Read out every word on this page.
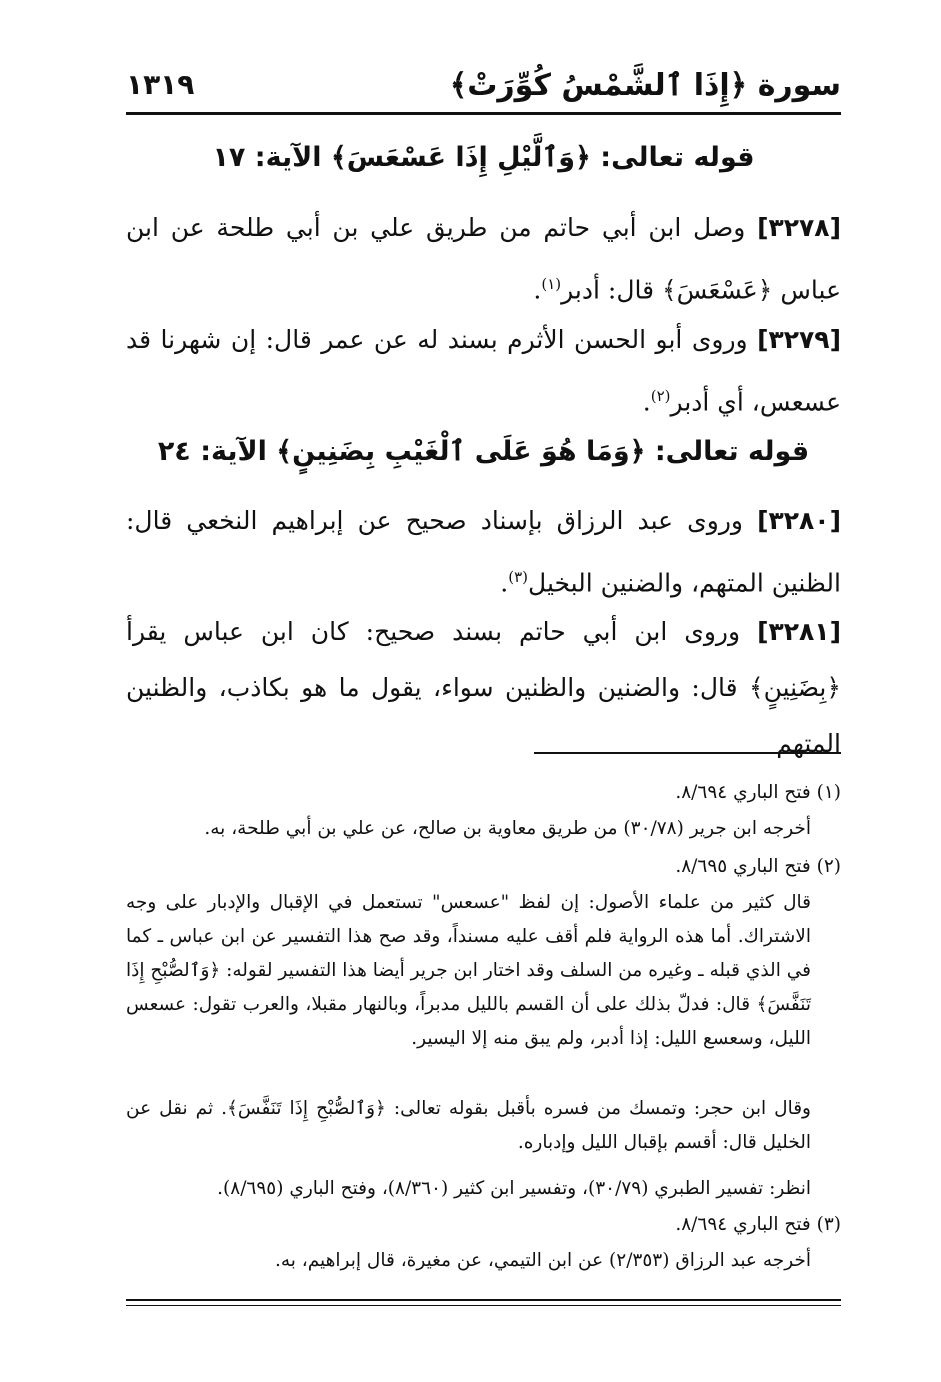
سورة ﴿إِذَا ٱلشَّمْسُ كُوِّرَتْ﴾
١٣١٩
قوله تعالى: ﴿وَٱلَّيْلِ إِذَا عَسْعَسَ﴾ الآية: ١٧
[٣٢٧٨] وصل ابن أبي حاتم من طريق علي بن أبي طلحة عن ابن عباس ﴿عَسْعَسَ﴾ قال: أدبر$^{(١)}$.
[٣٢٧٩] وروى أبو الحسن الأثرم بسند له عن عمر قال: إن شهرنا قد عسعس، أي أدبر$^{(٢)}$.
قوله تعالى: ﴿وَمَا هُوَ عَلَى ٱلْغَيْبِ بِضَنِينٍ﴾ الآية: ٢٤
[٣٢٨٠] وروى عبد الرزاق بإسناد صحيح عن إبراهيم النخعي قال: الظنين المتهم، والضنين البخيل$^{(٣)}$.
[٣٢٨١] وروى ابن أبي حاتم بسند صحيح: كان ابن عباس يقرأ ﴿بِضَنِينٍ﴾ قال: والضنين والظنين سواء، يقول ما هو بكاذب، والظنين المتهم
(١) فتح الباري ٨/٦٩٤.
أخرجه ابن جرير (٣٠/٧٨) من طريق معاوية بن صالح، عن علي بن أبي طلحة، به.
(٢) فتح الباري ٨/٦٩٥.
قال كثير من علماء الأصول: إن لفظ "عسعس" تستعمل في الإقبال والإدبار على وجه الاشتراك. أما هذه الرواية فلم أقف عليه مسنداً، وقد صح هذا التفسير عن ابن عباس ـ كما في الذي قبله ـ وغيره من السلف وقد اختار ابن جرير أيضا هذا التفسير لقوله: ﴿وَٱلصُّبْحِ إِذَا تَنَفَّسَ﴾ قال: فدلّ بذلك على أن القسم بالليل مدبراً، وبالنهار مقبلا، والعرب تقول: عسعس الليل، وسعسع الليل: إذا أدبر، ولم يبق منه إلا اليسير.
وقال ابن حجر: وتمسك من فسره بأقبل بقوله تعالى: ﴿وَٱلصُّبْحِ إِذَا تَنَفَّسَ﴾. ثم نقل عن الخليل قال: أقسم بإقبال الليل وإدباره.
انظر: تفسير الطبري (٣٠/٧٩)، وتفسير ابن كثير (٨/٣٦٠)، وفتح الباري (٨/٦٩٥).
(٣) فتح الباري ٨/٦٩٤.
أخرجه عبد الرزاق (٢/٣٥٣) عن ابن التيمي، عن مغيرة، قال إبراهيم، به.
